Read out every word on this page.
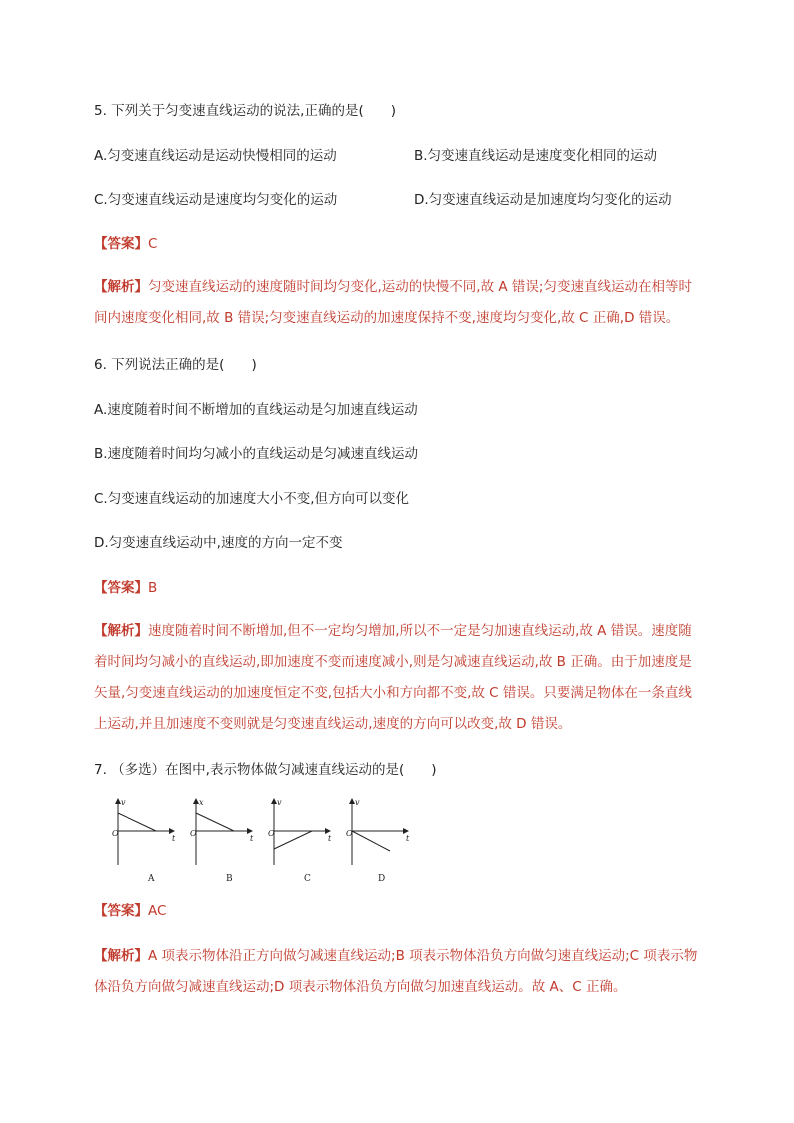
5. 下列关于匀变速直线运动的说法,正确的是(　　)
A.匀变速直线运动是运动快慢相同的运动	B.匀变速直线运动是速度变化相同的运动
C.匀变速直线运动是速度均匀变化的运动	D.匀变速直线运动是加速度均匀变化的运动
【答案】C
【解析】匀变速直线运动的速度随时间均匀变化,运动的快慢不同,故 A 错误;匀变速直线运动在相等时间内速度变化相同,故 B 错误;匀变速直线运动的加速度保持不变,速度均匀变化,故 C 正确,D 错误。
6. 下列说法正确的是(　　)
A.速度随着时间不断增加的直线运动是匀加速直线运动
B.速度随着时间均匀减小的直线运动是匀减速直线运动
C.匀变速直线运动的加速度大小不变,但方向可以变化
D.匀变速直线运动中,速度的方向一定不变
【答案】B
【解析】速度随着时间不断增加,但不一定均匀增加,所以不一定是匀加速直线运动,故 A 错误。速度随着时间均匀减小的直线运动,即加速度不变而速度减小,则是匀减速直线运动,故 B 正确。由于加速度是矢量,匀变速直线运动的加速度恒定不变,包括大小和方向都不变,故 C 错误。只要满足物体在一条直线上运动,并且加速度不变则就是匀变速直线运动,速度的方向可以改变,故 D 错误。
7. （多选）在图中,表示物体做匀减速直线运动的是(　　)
v
O
t
A
x
O
t
B
v
O
t
C
v
O
t
D
【答案】AC
【解析】A 项表示物体沿正方向做匀减速直线运动;B 项表示物体沿负方向做匀速直线运动;C 项表示物体沿负方向做匀减速直线运动;D 项表示物体沿负方向做匀加速直线运动。故 A、C 正确。
